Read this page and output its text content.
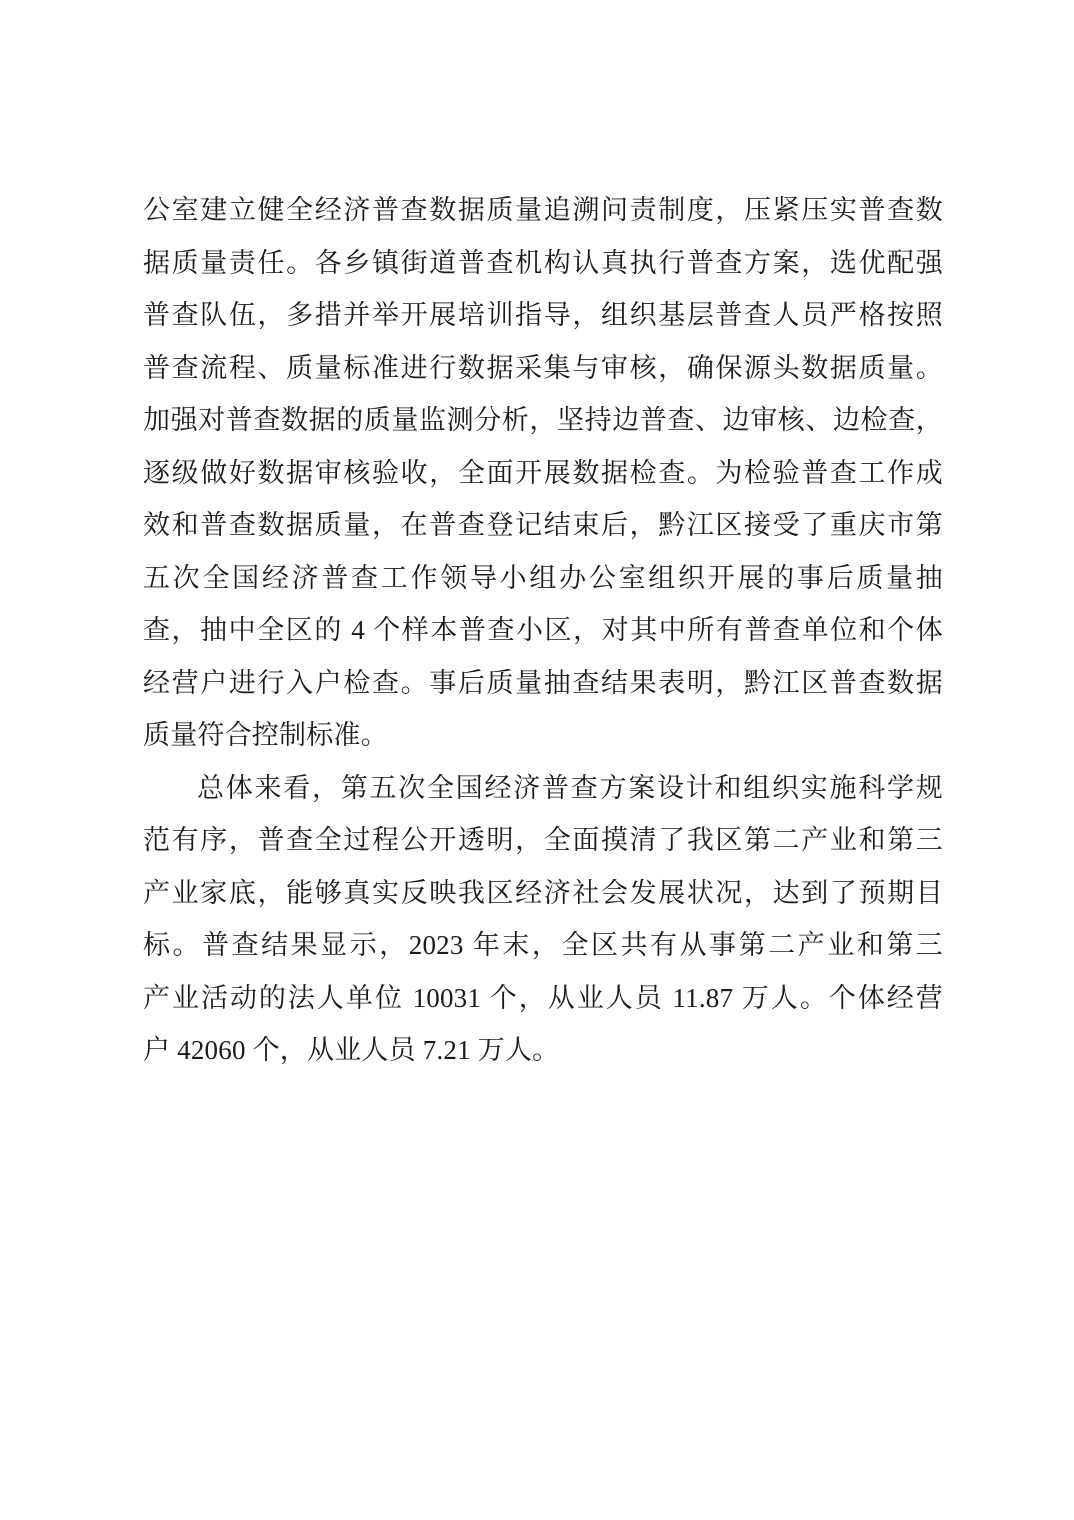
公室建立健全经济普查数据质量追溯问责制度，压紧压实普查数
据质量责任。各乡镇街道普查机构认真执行普查方案，选优配强
普查队伍，多措并举开展培训指导，组织基层普查人员严格按照
普查流程、质量标准进行数据采集与审核，确保源头数据质量。
加强对普查数据的质量监测分析，坚持边普查、边审核、边检查，
逐级做好数据审核验收，全面开展数据检查。为检验普查工作成
效和普查数据质量，在普查登记结束后，黔江区接受了重庆市第
五次全国经济普查工作领导小组办公室组织开展的事后质量抽
查，抽中全区的 4 个样本普查小区，对其中所有普查单位和个体
经营户进行入户检查。事后质量抽查结果表明，黔江区普查数据
质量符合控制标准。
总体来看，第五次全国经济普查方案设计和组织实施科学规
范有序，普查全过程公开透明，全面摸清了我区第二产业和第三
产业家底，能够真实反映我区经济社会发展状况，达到了预期目
标。普查结果显示，2023 年末，全区共有从事第二产业和第三
产业活动的法人单位 10031 个，从业人员 11.87 万人。个体经营
户 42060 个，从业人员 7.21 万人。
